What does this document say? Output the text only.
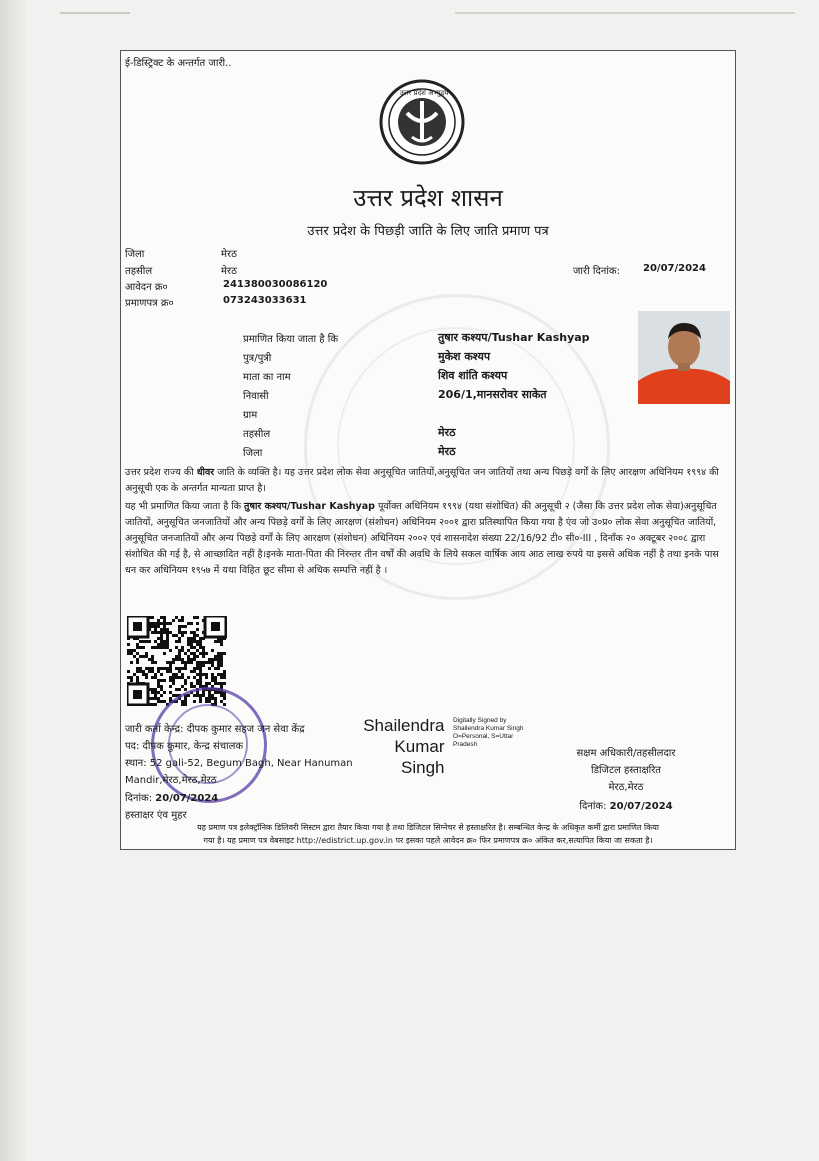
ई-डिस्ट्रिक्ट के अन्तर्गत जारी..
उत्तर प्रदेश अभ्युदय
उत्तर प्रदेश शासन
उत्तर प्रदेश के पिछड़ी जाति के लिए जाति प्रमाण पत्र
जिला	मेरठ
तहसील	मेरठ
आवेदन क्र०	241380030086120
प्रमाणपत्र क्र०	073243033631
जारी दिनांक: 20/07/2024
प्रमाणित किया जाता है कि	तुषार कश्यप/Tushar Kashyap
पुत्र/पुत्री	मुकेश कश्यप
माता का नाम	शिव शांति कश्यप
निवासी	206/1,मानसरोवर साकेत
ग्राम
तहसील	मेरठ
जिला	मेरठ
उत्तर प्रदेश राज्य की धीवर जाति के व्यक्ति है। यह उत्तर प्रदेश लोक सेवा अनुसूचित जातियों,अनुसूचित जन जातियों तथा अन्य पिछड़े वर्गों के लिए आरक्षण अधिनियम १९९४ की अनुसूची एक के अन्तर्गत मान्यता प्राप्त है।
यह भी प्रमाणित किया जाता है कि तुषार कश्यप/Tushar Kashyap पूर्वोक्त अधिनियम १९९४ (यथा संशोधित) की अनुसूची २ (जैसा कि उत्तर प्रदेश लोक सेवा)अनुसूचित जातियों, अनुसूचित जनजातियों और अन्य पिछड़े वर्गों के लिए आरक्षण (संशोधन) अधिनियम २००१ द्वारा प्रतिस्थापित किया गया है एंव जो उ०प्र० लोक सेवा अनुसूचित जातियों, अनुसूचित जनजातियों और अन्य पिछड़े वर्गों के लिए आरक्षण (संशोधन) अधिनियम २००२ एवं शासनादेश संख्या 22/16/92 टी० सी०-III , दिनाँक २० अक्टूबर २००८ द्वारा संशोधित की गई है, से आच्छादित नहीं है।इनके माता-पिता की निरन्तर तीन वर्षों की अवधि के लिये सकल वार्षिक आय आठ लाख रुपये या इससे अधिक नहीं है तथा इनके पास धन कर अधिनियम १९५७ में यथा विहित छूट सीमा से अधिक सम्पत्ति नहीं है ।
जारी कर्ता केन्द्र: दीपक कुमार सहज जन सेवा केंद्र
पद: दीपक कुमार, केन्द्र संचालक
स्थान: 52 gali-52, Begum Bagh, Near Hanuman Mandir,मेरठ,मेरठ,मेरठ
दिनांक: 20/07/2024
हस्ताक्षर एंव मुहर
Shailendra
Kumar
Singh
Digitally Signed by Shailendra Kumar Singh O=Personal, S=Uttar Pradesh
सक्षम अधिकारी/तहसीलदार
डिजिटल हस्ताक्षरित
मेरठ,मेरठ
दिनांक: 20/07/2024
यह प्रमाण पत्र इलेक्ट्रॉनिक डिलिवरी सिस्टम द्वारा तैयार किया गया है तथा डिजिटल सिग्नेचर से हस्ताक्षरित है। सम्बन्धित केन्द्र के अधिकृत कर्मी द्वारा प्रमाणित किया
गया है। यह प्रमाण पत्र वेबसाइट http://edistrict.up.gov.in पर इसका पहले आवेदन क्र० फिर प्रमाणपत्र क्र० अंकित कर,सत्यापित किया जा सकता है।
